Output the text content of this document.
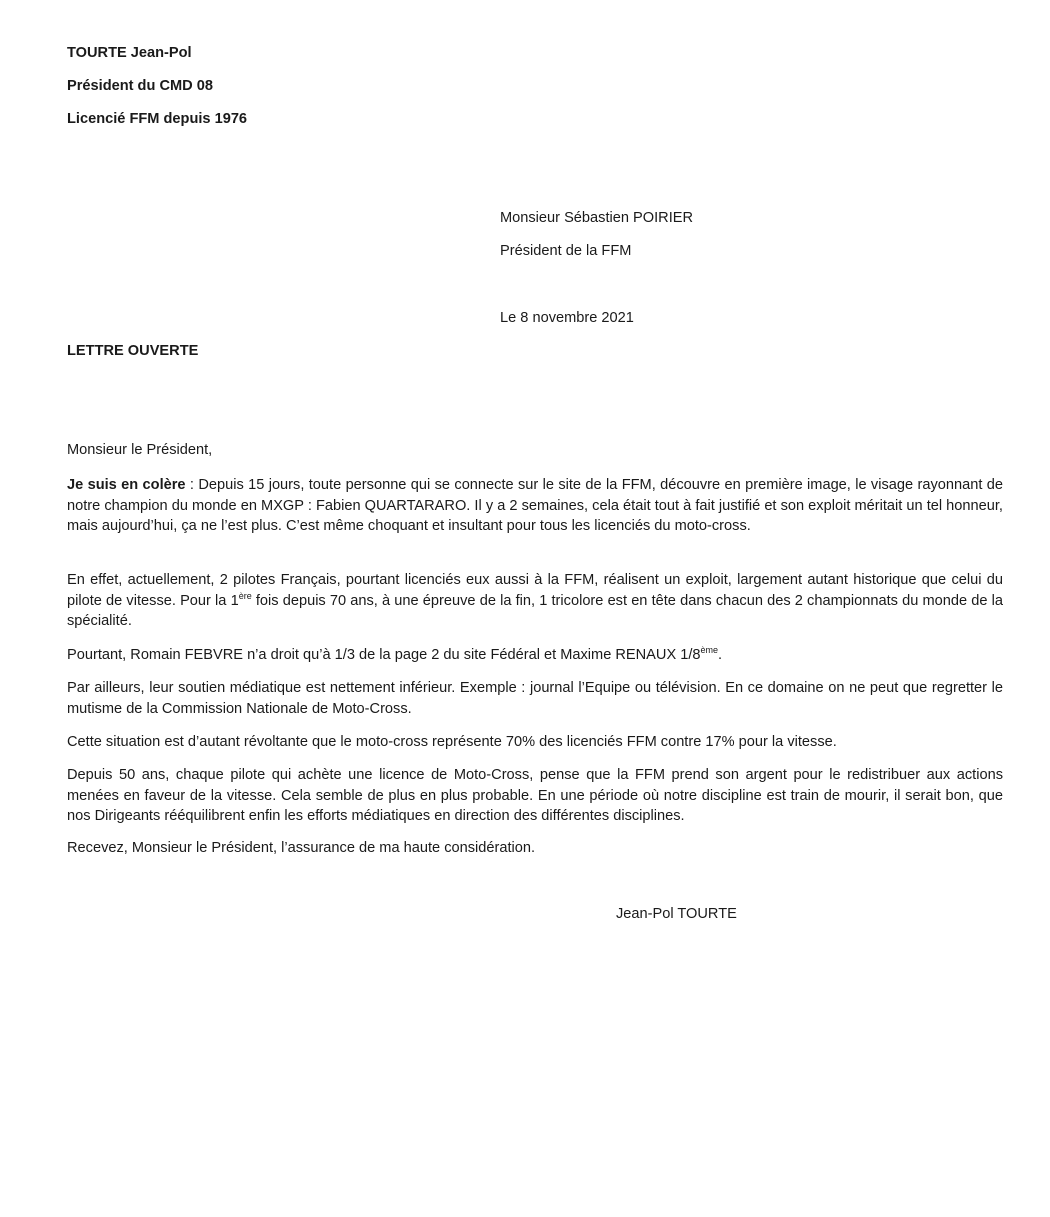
TOURTE Jean-Pol
Président du CMD 08
Licencié FFM depuis 1976
Monsieur Sébastien POIRIER
Président de la FFM
Le 8 novembre 2021
LETTRE OUVERTE
Monsieur le Président,
Je suis en colère : Depuis 15 jours, toute personne qui se connecte sur le site de la FFM, découvre en première image, le visage rayonnant de notre champion du monde en MXGP : Fabien QUARTARARO. Il y a 2 semaines, cela était tout à fait justifié et son exploit méritait un tel honneur, mais aujourd’hui, ça ne l’est plus. C’est même choquant et insultant pour tous les licenciés du moto-cross.
En effet, actuellement, 2 pilotes Français, pourtant licenciés eux aussi à la FFM, réalisent un exploit, largement autant historique que celui du pilote de vitesse. Pour la 1ère fois depuis 70 ans, à une épreuve de la fin, 1 tricolore est en tête dans chacun des 2 championnats du monde de la spécialité.
Pourtant, Romain FEBVRE n’a droit qu’à 1/3 de la page 2 du site Fédéral et Maxime RENAUX 1/8ème.
Par ailleurs, leur soutien médiatique est nettement inférieur. Exemple : journal l’Equipe ou télévision. En ce domaine on ne peut que regretter le mutisme de la Commission Nationale de Moto-Cross.
Cette situation est d’autant révoltante que le moto-cross représente 70% des licenciés FFM contre 17% pour la vitesse.
Depuis 50 ans, chaque pilote qui achète une licence de Moto-Cross, pense que la FFM prend son argent pour le redistribuer aux actions menées en faveur de la vitesse. Cela semble de plus en plus probable. En une période où notre discipline est train de mourir, il serait bon, que nos Dirigeants rééquilibrent enfin les efforts médiatiques en direction des différentes disciplines.
Recevez, Monsieur le Président, l’assurance de ma haute considération.
Jean-Pol TOURTE
